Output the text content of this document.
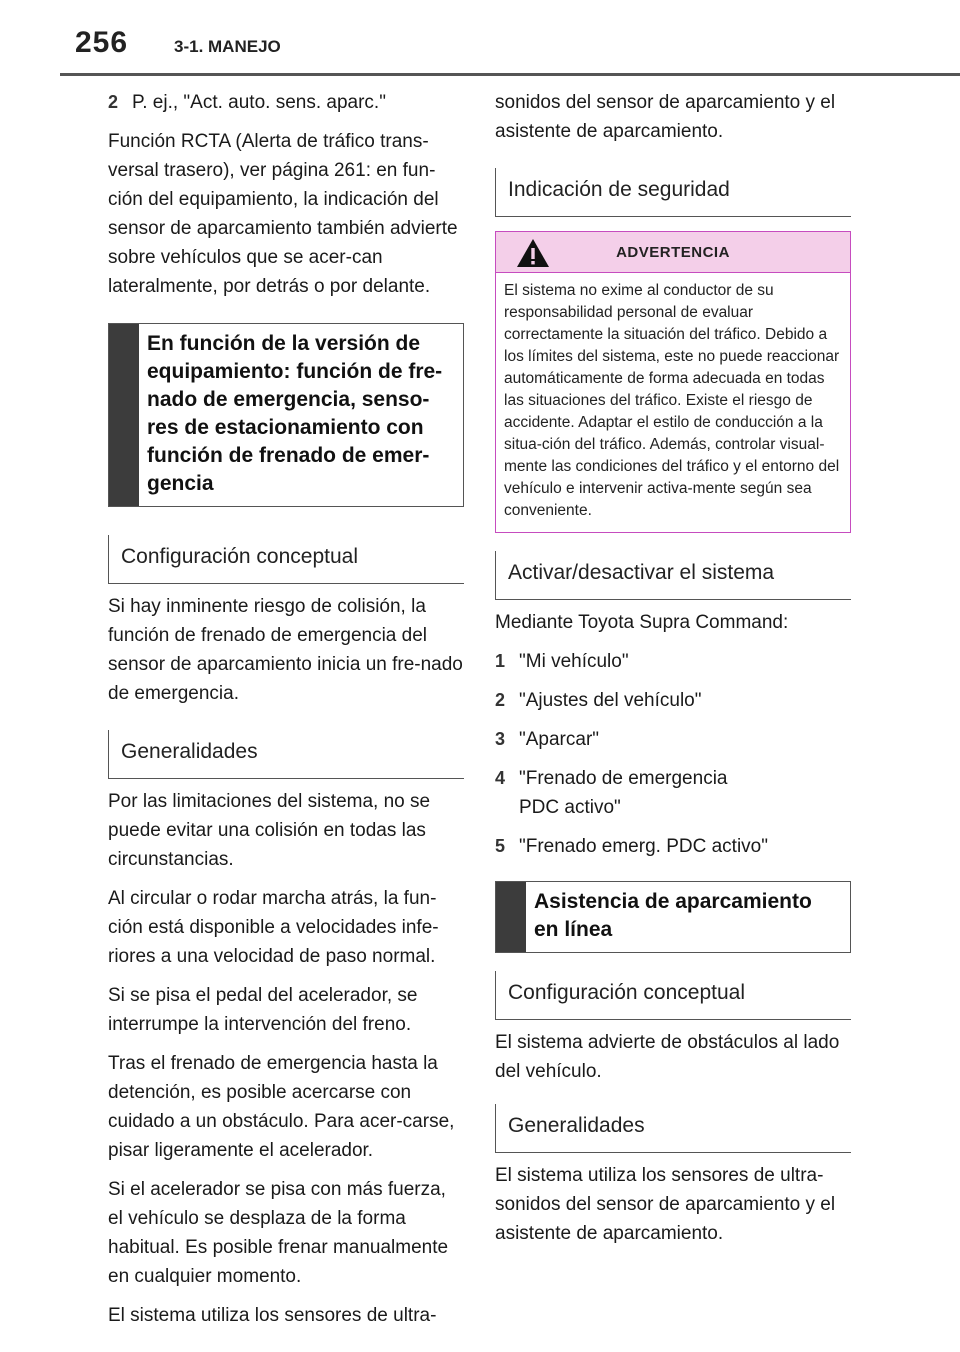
256	3-1. MANEJO
2 P. ej., "Act. auto. sens. aparc."

Función RCTA (Alerta de tráfico trans-versal trasero), ver página 261: en fun-ción del equipamiento, la indicación del sensor de aparcamiento también advierte sobre vehículos que se acer-can lateralmente, por detrás o por delante.

En función de la versión de equipamiento: función de fre-nado de emergencia, senso-res de estacionamiento con función de frenado de emer-gencia
Configuración conceptual

Si hay inminente riesgo de colisión, la función de frenado de emergencia del sensor de aparcamiento inicia un fre-nado de emergencia.

Generalidades

Por las limitaciones del sistema, no se puede evitar una colisión en todas las circunstancias.

Al circular o rodar marcha atrás, la fun-ción está disponible a velocidades infe-riores a una velocidad de paso normal.

Si se pisa el pedal del acelerador, se interrumpe la intervención del freno.

Tras el frenado de emergencia hasta la detención, es posible acercarse con cuidado a un obstáculo. Para acer-carse, pisar ligeramente el acelerador.

Si el acelerador se pisa con más fuerza, el vehículo se desplaza de la forma habitual. Es posible frenar manualmente en cualquier momento.

El sistema utiliza los sensores de ultra-

sonidos del sensor de aparcamiento y el asistente de aparcamiento.

Indicación de seguridad
ADVERTENCIA
El sistema no exime al conductor de su responsabilidad personal de evaluar correctamente la situación del tráfico. Debido a los límites del sistema, este no puede reaccionar automáticamente de forma adecuada en todas las situaciones del tráfico. Existe el riesgo de accidente. Adaptar el estilo de conducción a la situa-ción del tráfico. Además, controlar visual-mente las condiciones del tráfico y el entorno del vehículo e intervenir activa-mente según sea conveniente.
Activar/desactivar el sistema

Mediante Toyota Supra Command:

1 "Mi vehículo"
2 "Ajustes del vehículo"
3 "Aparcar"
4 "Frenado de emergencia PDC activo"
5 "Frenado emerg. PDC activo"
Asistencia de aparcamiento en línea
Configuración conceptual

El sistema advierte de obstáculos al lado del vehículo.

Generalidades

El sistema utiliza los sensores de ultra-sonidos del sensor de aparcamiento y el asistente de aparcamiento.
